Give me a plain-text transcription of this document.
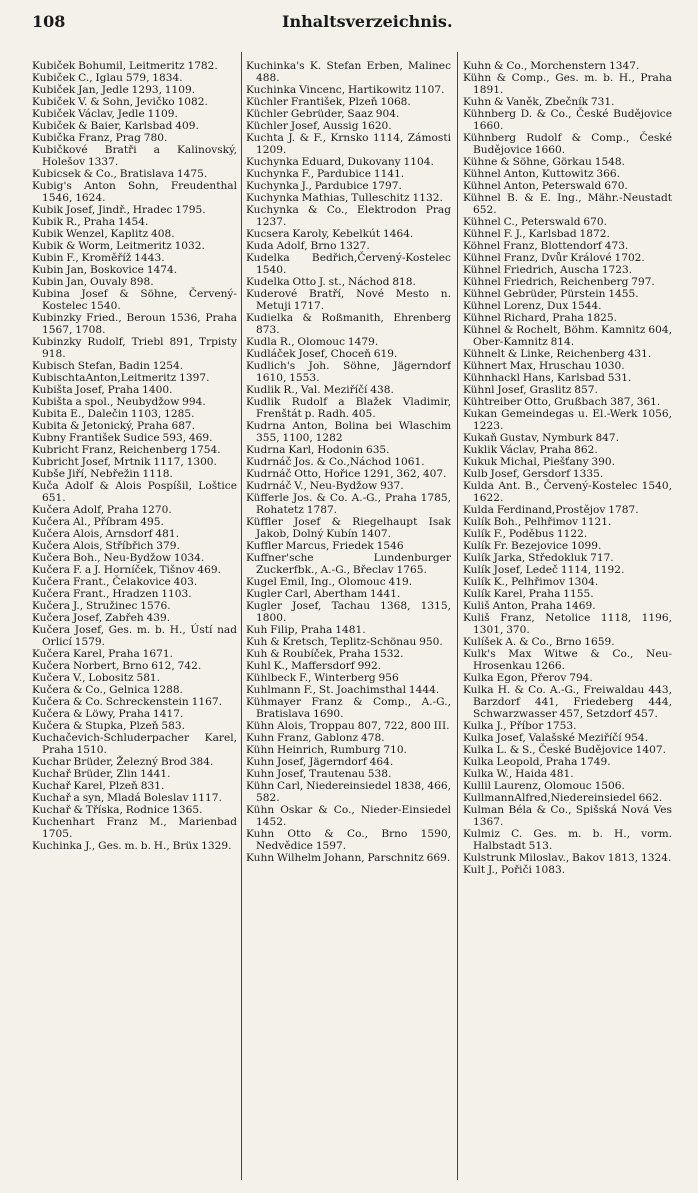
108	Inhaltsverzeichnis.
Kubiček Bohumil, Leitmeritz 1782.
Kubiček C., Iglau 579, 1834.
Kubiček Jan, Jedle 1293, 1109.
Kubiček V. & Sohn, Jevičko 1082.
Kubiček Václav, Jedle 1109.
Kubiček & Baier, Karlsbad 409.
Kubička Franz, Prag 780.
Kubičkové Bratři a Kalinovský, Holešov 1337.
Kubicsek & Co., Bratislava 1475.
Kubig's Anton Sohn, Freudenthal 1546, 1624.
Kubik Josef, Jindř., Hradec 1795.
Kubik R., Praha 1454.
Kubik Wenzel, Kaplitz 408.
Kubik & Worm, Leitmeritz 1032.
Kubin F., Kroměříž 1443.
Kubin Jan, Boskovice 1474.
Kubin Jan, Ouvaly 898.
Kubina Josef & Söhne, Červený-Kostelec 1540.
Kubinzky Fried., Beroun 1536, Praha 1567, 1708.
Kubinzky Rudolf, Triebl 891, Trpisty 918.
Kubisch Stefan, Badin 1254.
KubischtaAnton,Leitmeritz 1397.
Kubišta Josef, Praha 1400.
Kubišta a spol., Neubydžow 994.
Kubita E., Dalečin 1103, 1285.
Kubita & Jetonický, Praha 687.
Kubny František Sudice 593, 469.
Kubricht Franz, Reichenberg 1754.
Kubricht Josef, Mrtnik 1117, 1300.
Kubše Jiří, Nebřežin 1118.
Kuča Adolf & Alois Pospíšil, Loštice 651.
Kučera Adolf, Praha 1270.
Kučera Al., Příbram 495.
Kučera Alois, Arnsdorf 481.
Kučera Alois, Stříbřich 379.
Kučera Boh., Neu-Bydžow 1034.
Kučera F. a J. Horníček, Tišnov 469.
Kučera Frant., Čelakovice 403.
Kučera Frant., Hradzen 1103.
Kučera J., Stružinec 1576.
Kučera Josef, Zabřeh 439.
Kučera Josef, Ges. m. b. H., Ústí nad Orlicí 1579.
Kučera Karel, Praha 1671.
Kučera Norbert, Brno 612, 742.
Kučera V., Lobositz 581.
Kučera & Co., Gelnica 1288.
Kučera & Co. Schreckenstein 1167.
Kučera & Löwy, Praha 1417.
Kučera & Stupka, Plzeň 583.
Kuchačevich-Schluderpacher Karel, Praha 1510.
Kuchar Brüder, Železný Brod 384.
Kuchař Brüder, Zlin 1441.
Kuchař Karel, Plzeň 831.
Kuchař a syn, Mladá Boleslav 1117.
Kuchař & Tříska, Rodnice 1365.
Kuchenhart Franz M., Marienbad 1705.
Kuchinka J., Ges. m. b. H., Brüx 1329.
Kuchinka's K. Stefan Erben, Malinec 488.
Kuchinka Vincenc, Hartikowitz 1107.
Küchler František, Plzeň 1068.
Küchler Gebrüder, Saaz 904.
Küchler Josef, Aussig 1620.
Kuchta J. & F., Krnsko 1114, Zámosti 1209.
Kuchynka Eduard, Dukovany 1104.
Kuchynka F., Pardubice 1141.
Kuchynka J., Pardubice 1797.
Kuchynka Mathias, Tulleschitz 1132.
Kuchynka & Co., Elektrodon Prag 1237.
Kucsera Karoly, Kebelkút 1464.
Kuda Adolf, Brno 1327.
Kudelka Bedřich,Červený-Kostelec 1540.
Kudelka Otto J. st., Náchod 818.
Kuderové Bratří, Nové Mesto n. Metuji 1717.
Kudielka & Roßmanith, Ehrenberg 873.
Kudla R., Olomouc 1479.
Kudláček Josef, Choceň 619.
Kudlich's Joh. Söhne, Jägerndorf 1610, 1553.
Kudlik R., Val. Meziříčí 438.
Kudlik Rudolf a Blažek Vladimir, Frenštát p. Radh. 405.
Kudrna Anton, Bolina bei Wlaschim 355, 1100, 1282
Kudrna Karl, Hodonin 635.
Kudrnáč Jos. & Co.,Náchod 1061.
Kudrnáč Otto, Hořice 1291, 362, 407.
Kudrnáč V., Neu-Bydžow 937.
Küfferle Jos. & Co. A.-G., Praha 1785, Rohatetz 1787.
Küffler Josef & Riegelhaupt Isak Jakob, Dolný Kubín 1407.
Kuffler Marcus, Friedek 1546
Kuffner'sche Lundenburger Zuckerfbk., A.-G., Břeclav 1765.
Kugel Emil, Ing., Olomouc 419.
Kugler Carl, Abertham 1441.
Kugler Josef, Tachau 1368, 1315, 1800.
Kuh Filip, Praha 1481.
Kuh & Kretsch, Teplitz-Schönau 950.
Kuh & Roubíček, Praha 1532.
Kuhl K., Maffersdorf 992.
Kühlbeck F., Winterberg 956
Kuhlmann F., St. Joachimsthal 1444.
Kühmayer Franz & Comp., A.-G., Bratislava 1690.
Kühn Alois, Troppau 807, 722, 800 III.
Kuhn Franz, Gablonz 478.
Kühn Heinrich, Rumburg 710.
Kuhn Josef, Jägerndorf 464.
Kuhn Josef, Trautenau 538.
Kühn Carl, Niedereinsiedel 1838, 466, 582.
Kühn Oskar & Co., Nieder-Einsiedel 1452.
Kuhn Otto & Co., Brno 1590, Nedvědice 1597.
Kuhn Wilhelm Johann, Parschnitz 669.
Kuhn & Co., Morchenstern 1347.
Kühn & Comp., Ges. m. b. H., Praha 1891.
Kuhn & Vaněk, Zbečník 731.
Kühnberg D. & Co., České Budějovice 1660.
Kühnberg Rudolf & Comp., České Budějovice 1660.
Kühne & Söhne, Görkau 1548.
Kühnel Anton, Kuttowitz 366.
Kühnel Anton, Peterswald 670.
Kühnel B. & E. Ing., Mähr.-Neustadt 652.
Kühnel C., Peterswald 670.
Kühnel F. J., Karlsbad 1872.
Köhnel Franz, Blottendorf 473.
Kühnel Franz, Dvůr Králové 1702.
Kühnel Friedrich, Auscha 1723.
Kühnel Friedrich, Reichenberg 797.
Kühnel Gebrüder, Pürstein 1455.
Kühnel Lorenz, Dux 1544.
Kühnel Richard, Praha 1825.
Kühnel & Rochelt, Böhm. Kamnitz 604, Ober-Kamnitz 814.
Kühnelt & Linke, Reichenberg 431.
Kühnert Max, Hruschau 1030.
Kühnhackl Hans, Karlsbad 531.
Kühnl Josef, Graslitz 857.
Kühtreiber Otto, Grußbach 387, 361.
Kukan Gemeindegas u. El.-Werk 1056, 1223.
Kukaň Gustav, Nymburk 847.
Kuklik Václav, Praha 862.
Kukuk Michal, Piešťany 390.
Kulb Josef, Gersdorf 1335.
Kulda Ant. B., Červený-Kostelec 1540, 1622.
Kulda Ferdinand,Prostějov 1787.
Kulík Boh., Pelhřimov 1121.
Kulík F., Poděbus 1122.
Kulík Fr. Bezejovice 1099.
Kulík Jarka, Středokluk 717.
Kulík Josef, Ledeč 1114, 1192.
Kulík K., Pelhřimov 1304.
Kulík Karel, Praha 1155.
Kuliš Anton, Praha 1469.
Kuliš Franz, Netolice 1118, 1196, 1301, 370.
Kulíšek A. & Co., Brno 1659.
Kulk's Max Witwe & Co., Neu-Hrosenkau 1266.
Kulka Egon, Přerov 794.
Kulka H. & Co. A.-G., Freiwaldau 443, Barzdorf 441, Friedeberg 444, Schwarzwasser 457, Setzdorf 457.
Kulka J., Příbor 1753.
Kulka Josef, Valašské Meziříčí 954.
Kulka L. & S., České Budějovice 1407.
Kulka Leopold, Praha 1749.
Kulka W., Haida 481.
Kullil Laurenz, Olomouc 1506.
KullmannAlfred,Niedereinsiedel 662.
Kulman Béla & Co., Spišská Nová Ves 1367.
Kulmiz C. Ges. m. b. H., vorm. Halbstadt 513.
Kulstrunk Miloslav., Bakov 1813, 1324.
Kult J., Pořiči 1083.
